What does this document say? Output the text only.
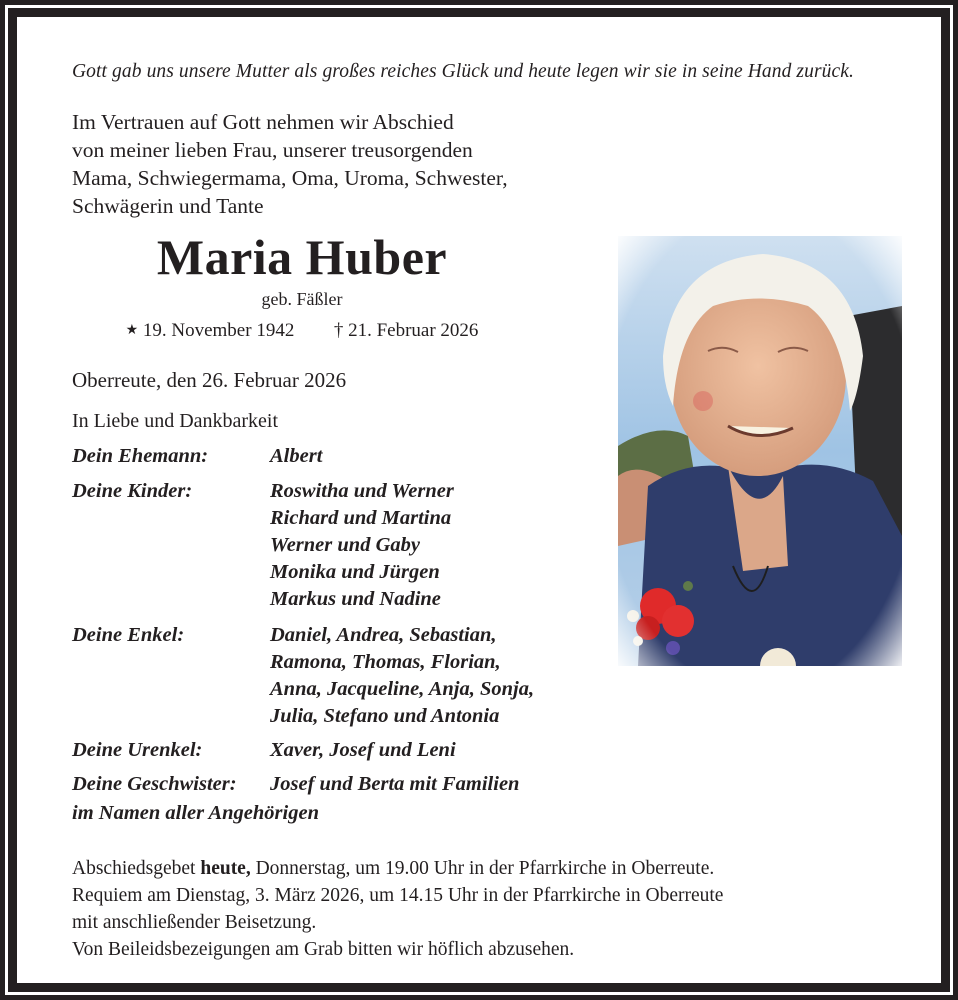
Gott gab uns unsere Mutter als großes reiches Glück und heute legen wir sie in seine Hand zurück.
Im Vertrauen auf Gott nehmen wir Abschied
von meiner lieben Frau, unserer treusorgenden
Mama, Schwiegermama, Oma, Uroma, Schwester,
Schwägerin und Tante
Maria Huber
geb. Fäßler
★ 19. November 1942 † 21. Februar 2026
Oberreute, den 26. Februar 2026
In Liebe und Dankbarkeit
Dein Ehemann:	Albert
Deine Kinder:	Roswitha und Werner
Richard und Martina
Werner und Gaby
Monika und Jürgen
Markus und Nadine
Deine Enkel:	Daniel, Andrea, Sebastian,
Ramona, Thomas, Florian,
Anna, Jacqueline, Anja, Sonja,
Julia, Stefano und Antonia
Deine Urenkel:	Xaver, Josef und Leni
Deine Geschwister: Josef und Berta mit Familien
im Namen aller Angehörigen
Abschiedsgebet heute, Donnerstag, um 19.00 Uhr in der Pfarrkirche in Oberreute.
Requiem am Dienstag, 3. März 2026, um 14.15 Uhr in der Pfarrkirche in Oberreute
mit anschließender Beisetzung.
Von Beileidsbezeigungen am Grab bitten wir höflich abzusehen.
